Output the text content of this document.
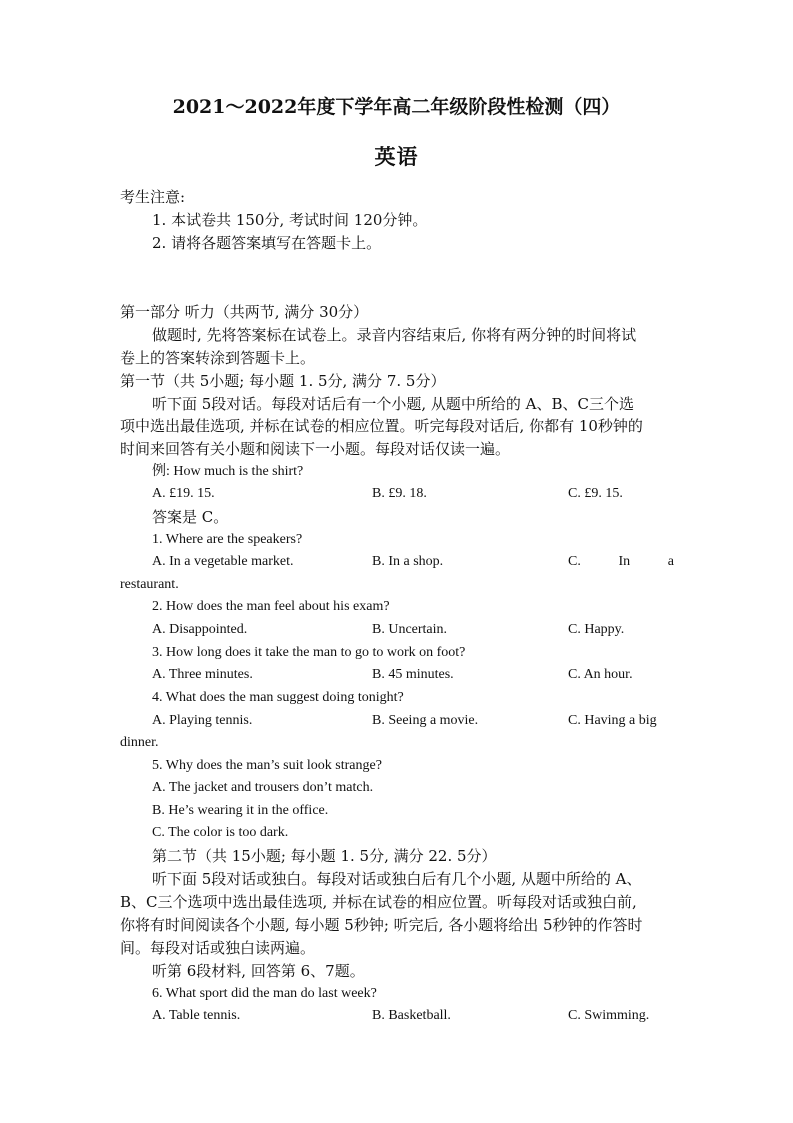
2021～2022年度下学年高二年级阶段性检测（四）
英语
考生注意:
1. 本试卷共 150分, 考试时间 120分钟。
2. 请将各题答案填写在答题卡上。
第一部分 听力（共两节, 满分 30分）
做题时, 先将答案标在试卷上。录音内容结束后, 你将有两分钟的时间将试
卷上的答案转涂到答题卡上。
第一节（共 5小题; 每小题 1. 5分, 满分 7. 5分）
听下面 5段对话。每段对话后有一个小题, 从题中所给的 A、B、C三个选
项中选出最佳选项, 并标在试卷的相应位置。听完每段对话后, 你都有 10秒钟的
时间来回答有关小题和阅读下一小题。每段对话仅读一遍。
例: How much is the shirt?
A. £19. 15.	B. £9. 18.	C. £9. 15.
答案是 C。
1. Where are the speakers?
A. In a vegetable market.	B. In a shop.	C.	In	a
restaurant.
2. How does the man feel about his exam?
A. Disappointed.	B. Uncertain.	C. Happy.
3. How long does it take the man to go to work on foot?
A. Three minutes.	B. 45 minutes.	C. An hour.
4. What does the man suggest doing tonight?
A. Playing tennis.	B. Seeing a movie.	C. Having a big
dinner.
5. Why does the man’s suit look strange?
A. The jacket and trousers don’t match.
B. He’s wearing it in the office.
C. The color is too dark.
第二节（共 15小题; 每小题 1. 5分, 满分 22. 5分）
听下面 5段对话或独白。每段对话或独白后有几个小题, 从题中所给的 A、
B、C三个选项中选出最佳选项, 并标在试卷的相应位置。听每段对话或独白前,
你将有时间阅读各个小题, 每小题 5秒钟; 听完后, 各小题将给出 5秒钟的作答时
间。每段对话或独白读两遍。
听第 6段材料, 回答第 6、7题。
6. What sport did the man do last week?
A. Table tennis.	B. Basketball.	C. Swimming.
